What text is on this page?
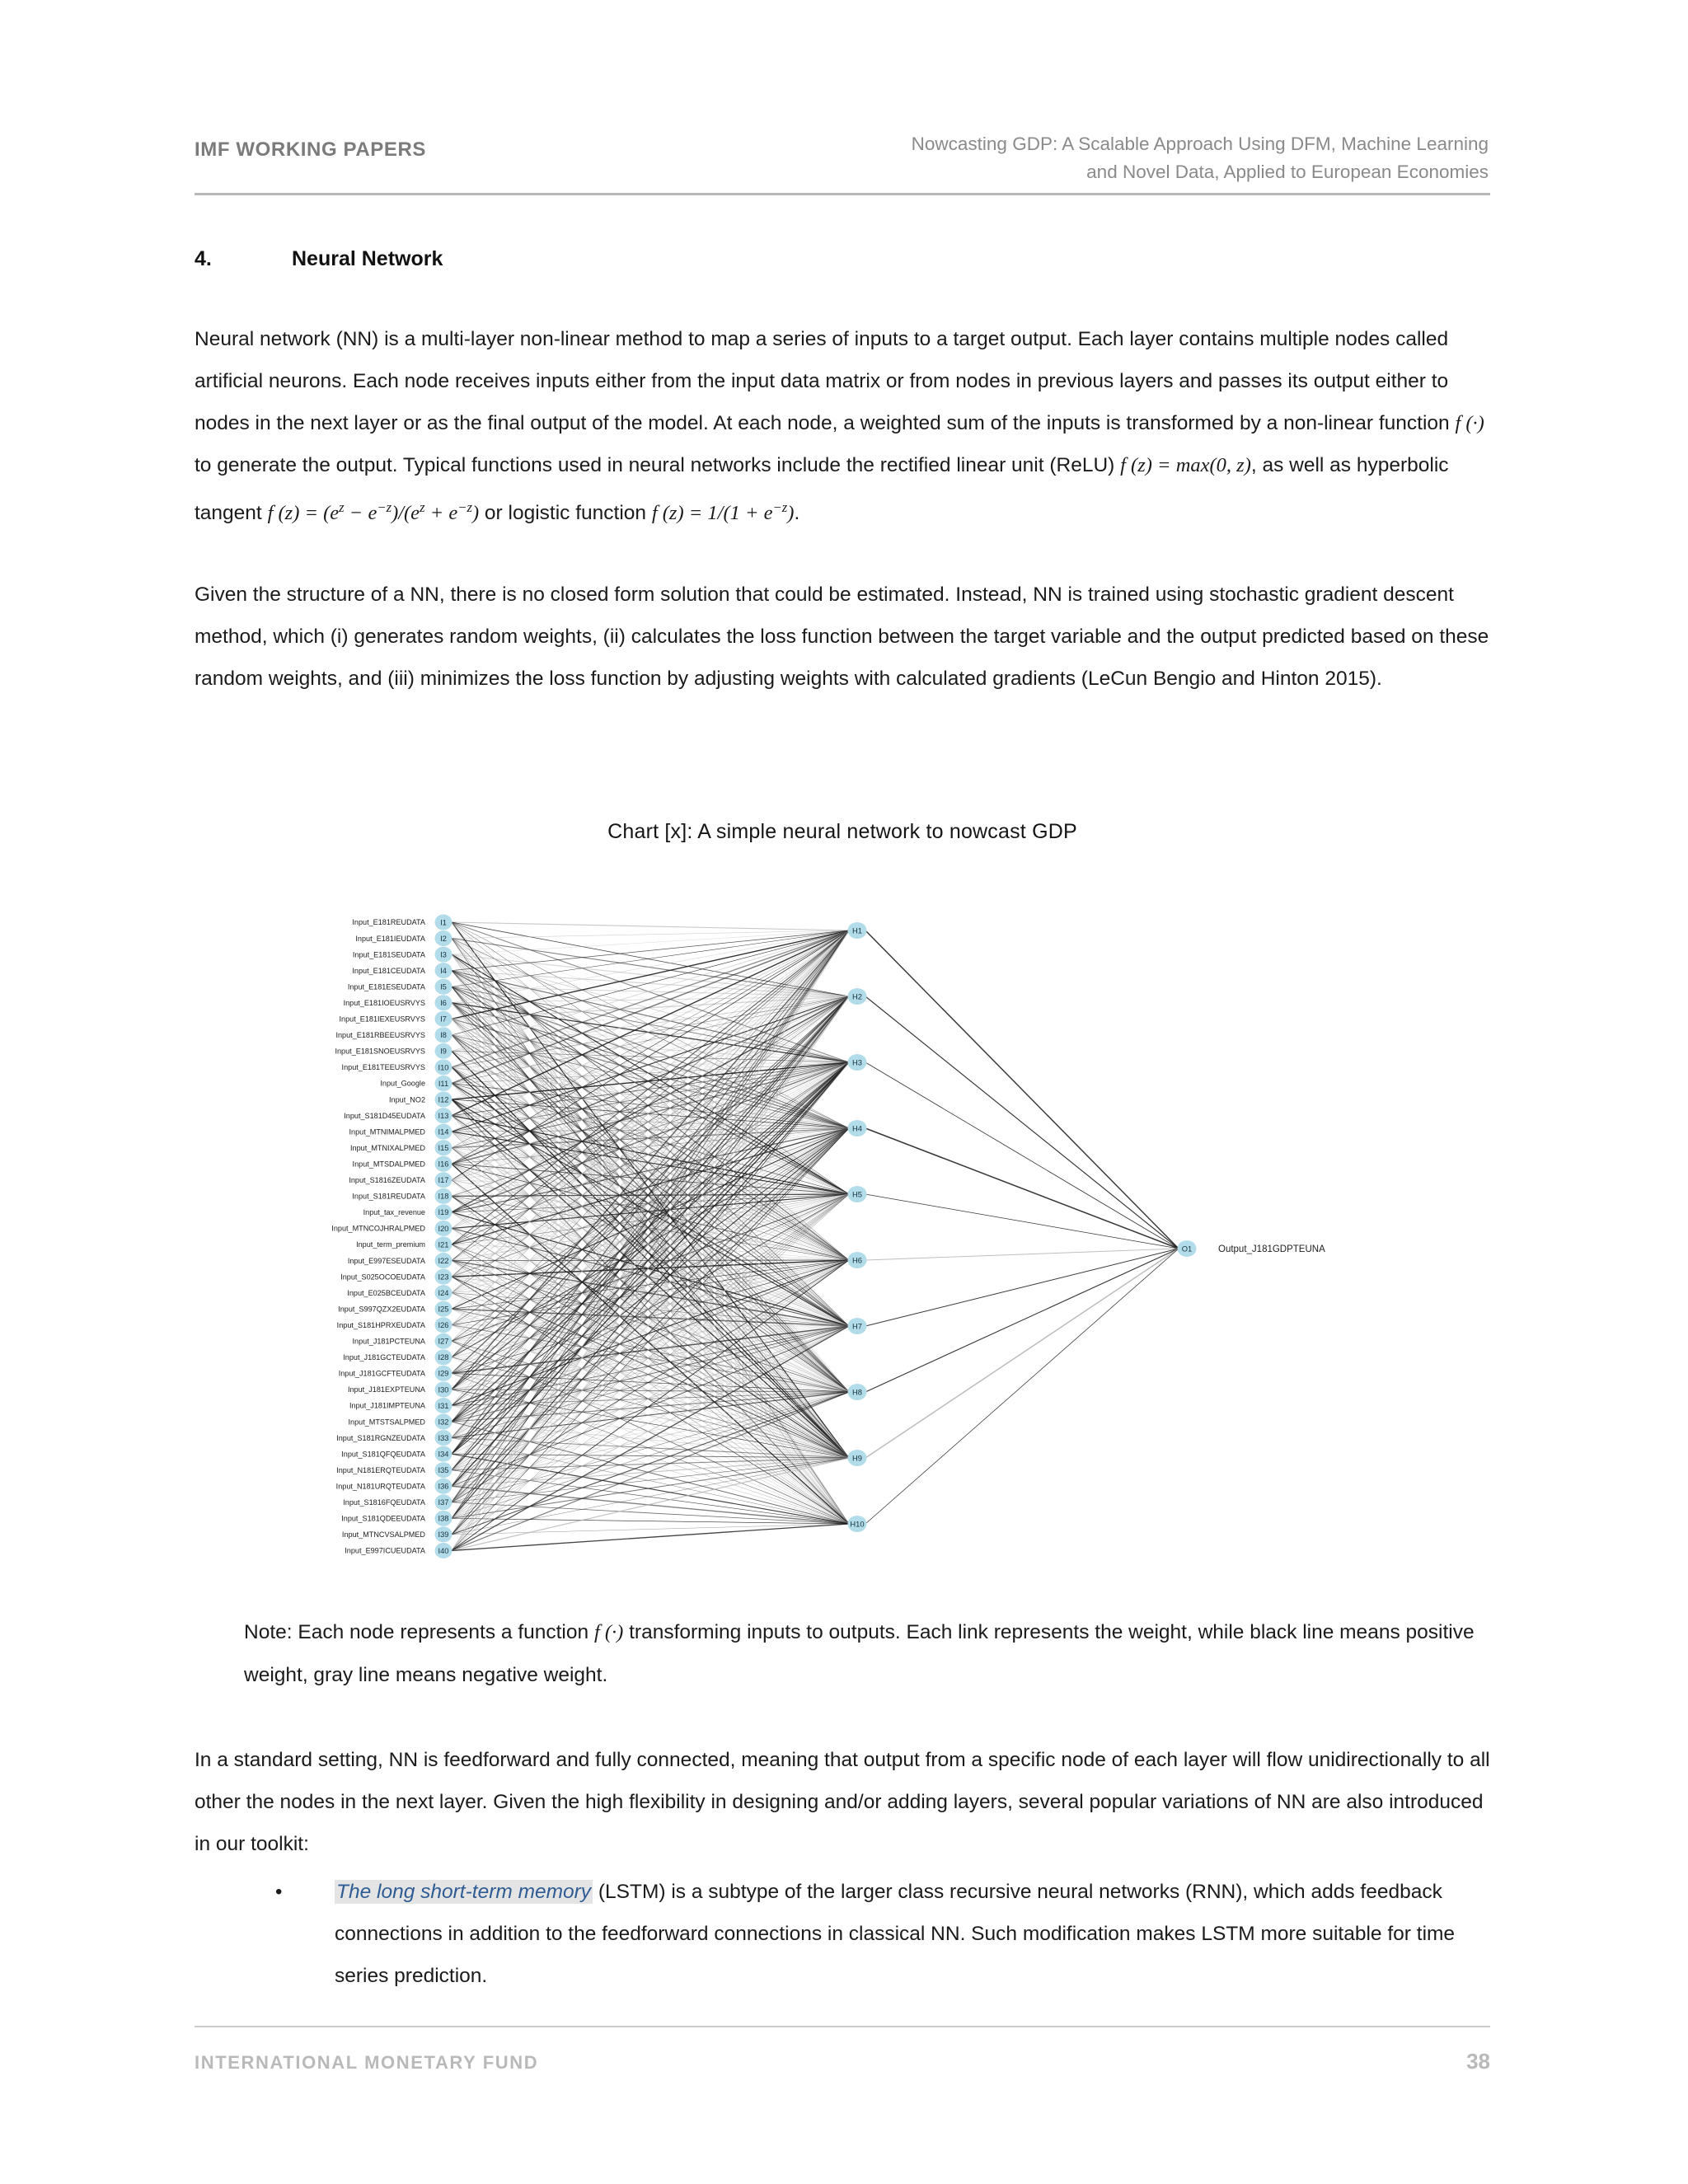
IMF WORKING PAPERS	Nowcasting GDP: A Scalable Approach Using DFM, Machine Learning
and Novel Data, Applied to European Economies
4.	Neural Network
Neural network (NN) is a multi-layer non-linear method to map a series of inputs to a target output. Each layer contains multiple nodes called artificial neurons. Each node receives inputs either from the input data matrix or from nodes in previous layers and passes its output either to nodes in the next layer or as the final output of the model. At each node, a weighted sum of the inputs is transformed by a non-linear function f (·) to generate the output. Typical functions used in neural networks include the rectified linear unit (ReLU) f (z) = max(0, z), as well as hyperbolic tangent f $(z) = (e^z - e^{-z})/(e^z + e^{-z})$ or logistic function f $(z) = 1/(1 + e^{-z})$.
Given the structure of a NN, there is no closed form solution that could be estimated. Instead, NN is trained using stochastic gradient descent method, which (i) generates random weights, (ii) calculates the loss function between the target variable and the output predicted based on these random weights, and (iii) minimizes the loss function by adjusting weights with calculated gradients (LeCun Bengio and Hinton 2015).
Chart [x]: A simple neural network to nowcast GDP
I1
Input_E181REUDATA
I2
Input_E181IEUDATA
I3
Input_E181SEUDATA
I4
Input_E181CEUDATA
I5
Input_E181ESEUDATA
I6
Input_E181IOEUSRVYS
I7
Input_E181IEXEUSRVYS
I8
Input_E181RBEEUSRVYS
I9
Input_E181SNOEUSRVYS
I10
Input_E181TEEUSRVYS
I11
Input_Google
I12
Input_NO2
I13
Input_S181D45EUDATA
I14
Input_MTNIMALPMED
I15
Input_MTNIXALPMED
I16
Input_MTSDALPMED
I17
Input_S1816ZEUDATA
I18
Input_S181REUDATA
I19
Input_tax_revenue
I20
Input_MTNCOJHRALPMED
I21
Input_term_premium
I22
Input_E997ESEUDATA
I23
Input_S025OCOEUDATA
I24
Input_E025BCEUDATA
I25
Input_S997QZX2EUDATA
I26
Input_S181HPRXEUDATA
I27
Input_J181PCTEUNA
I28
Input_J181GCTEUDATA
I29
Input_J181GCFTEUDATA
I30
Input_J181EXPTEUNA
I31
Input_J181IMPTEUNA
I32
Input_MTSTSALPMED
I33
Input_S181RGNZEUDATA
I34
Input_S181QFQEUDATA
I35
Input_N181ERQTEUDATA
I36
Input_N181URQTEUDATA
I37
Input_S1816FQEUDATA
I38
Input_S181QDEEUDATA
I39
Input_MTNCVSALPMED
I40
Input_E997ICUEUDATA
H1
H2
H3
H4
H5
H6
H7
H8
H9
H10
O1	Output_J181GDPTEUNA
Note: Each node represents a function f (·) transforming inputs to outputs. Each link represents the weight, while black line means positive weight, gray line means negative weight.
In a standard setting, NN is feedforward and fully connected, meaning that output from a specific node of each layer will flow unidirectionally to all other the nodes in the next layer. Given the high flexibility in designing and/or adding layers, several popular variations of NN are also introduced in our toolkit:
•	The long short-term memory (LSTM) is a subtype of the larger class recursive neural networks (RNN), which adds feedback connections in addition to the feedforward connections in classical NN. Such modification makes LSTM more suitable for time series prediction.
INTERNATIONAL MONETARY FUND	38
